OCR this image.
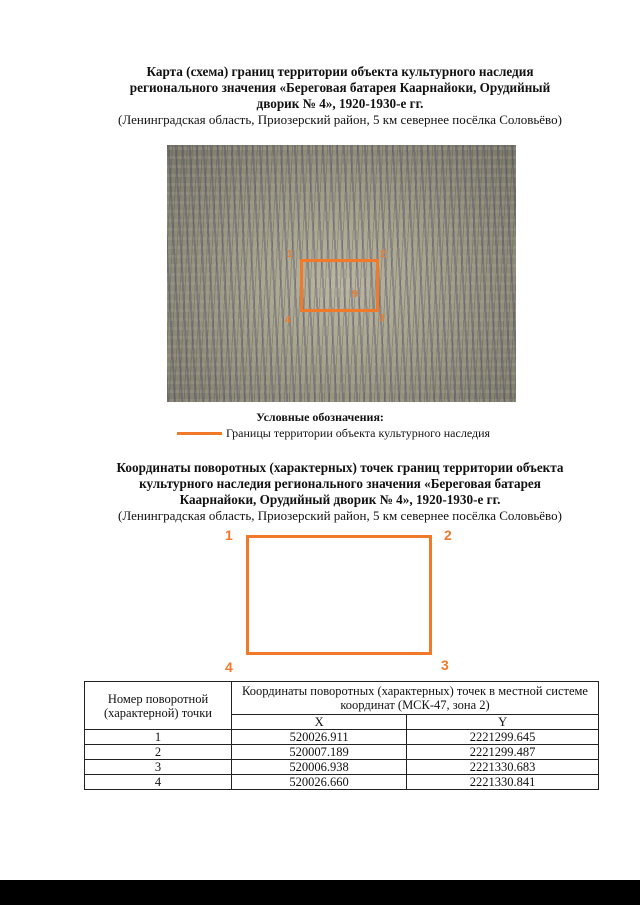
Карта (схема) границ территории объекта культурного наследия
регионального значения «Береговая батарея Каарнайоки, Орудийный
дворик № 4», 1920-1930-е гг.
(Ленинградская область, Приозерский район, 5 км севернее посёлка Соловьёво)
1	2
3
4
9
Условные обозначения:
Границы территории объекта культурного наследия
Координаты поворотных (характерных) точек границ территории объекта
культурного наследия регионального значения «Береговая батарея
Каарнайоки, Орудийный дворик № 4», 1920-1930-е гг.
(Ленинградская область, Приозерский район, 5 км севернее посёлка Соловьёво)
1	2
3
4
Номер поворотной (характерной) точки	Координаты поворотных (характерных) точек в местной системе координат (МСК-47, зона 2)	
	X	Y
1	520026.911	2221299.645
2	520007.189	2221299.487
3	520006.938	2221330.683
4	520026.660	2221330.841
